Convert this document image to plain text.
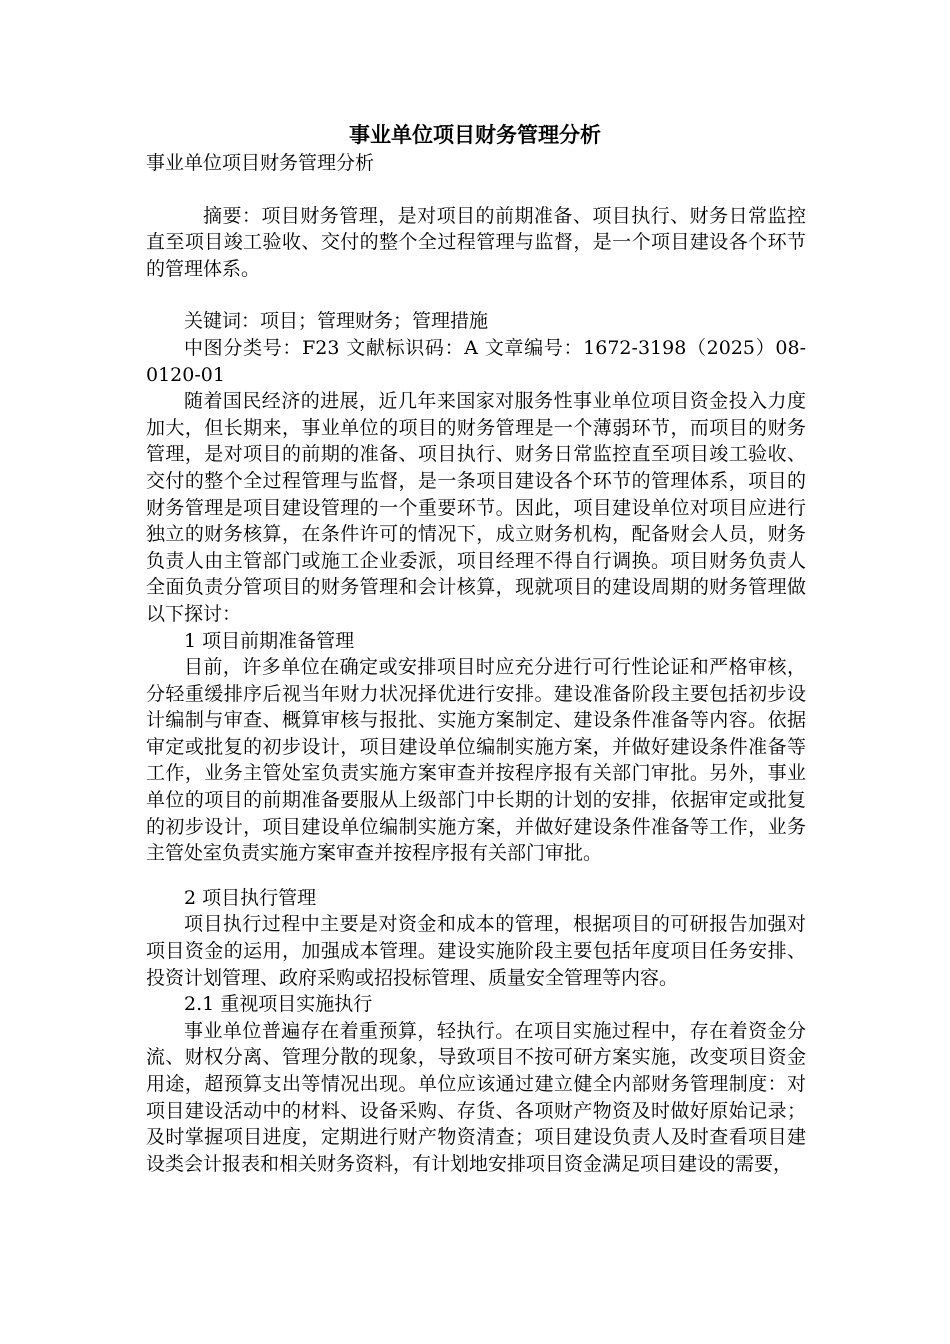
事业单位项目财务管理分析

事业单位项目财务管理分析

摘要：项目财务管理，是对项目的前期准备、项目执行、财务日常监控直至项目竣工验收、交付的整个全过程管理与监督，是一个项目建设各个环节的管理体系。

关键词：项目；管理财务；管理措施

中图分类号：F23 文献标识码：A 文章编号：1672-3198（2025）08-0120-01

随着国民经济的进展，近几年来国家对服务性事业单位项目资金投入力度加大，但长期来，事业单位的项目的财务管理是一个薄弱环节，而项目的财务管理，是对项目的前期的准备、项目执行、财务日常监控直至项目竣工验收、交付的整个全过程管理与监督，是一条项目建设各个环节的管理体系，项目的财务管理是项目建设管理的一个重要环节。因此，项目建设单位对项目应进行独立的财务核算，在条件许可的情况下，成立财务机构，配备财会人员，财务负责人由主管部门或施工企业委派，项目经理不得自行调换。项目财务负责人全面负责分管项目的财务管理和会计核算，现就项目的建设周期的财务管理做以下探讨：

1 项目前期准备管理

目前，许多单位在确定或安排项目时应充分进行可行性论证和严格审核，分轻重缓排序后视当年财力状况择优进行安排。建设准备阶段主要包括初步设计编制与审查、概算审核与报批、实施方案制定、建设条件准备等内容。依据审定或批复的初步设计，项目建设单位编制实施方案，并做好建设条件准备等工作，业务主管处室负责实施方案审查并按程序报有关部门审批。另外，事业单位的项目的前期准备要服从上级部门中长期的计划的安排，依据审定或批复的初步设计，项目建设单位编制实施方案，并做好建设条件准备等工作，业务主管处室负责实施方案审查并按程序报有关部门审批。

2 项目执行管理

项目执行过程中主要是对资金和成本的管理，根据项目的可研报告加强对项目资金的运用，加强成本管理。建设实施阶段主要包括年度项目任务安排、投资计划管理、政府采购或招投标管理、质量安全管理等内容。

2.1 重视项目实施执行

事业单位普遍存在着重预算，轻执行。在项目实施过程中，存在着资金分流、财权分离、管理分散的现象，导致项目不按可研方案实施，改变项目资金用途，超预算支出等情况出现。单位应该通过建立健全内部财务管理制度：对项目建设活动中的材料、设备采购、存货、各项财产物资及时做好原始记录；及时掌握项目进度，定期进行财产物资清查；项目建设负责人及时查看项目建设类会计报表和相关财务资料，有计划地安排项目资金满足项目建设的需要，
